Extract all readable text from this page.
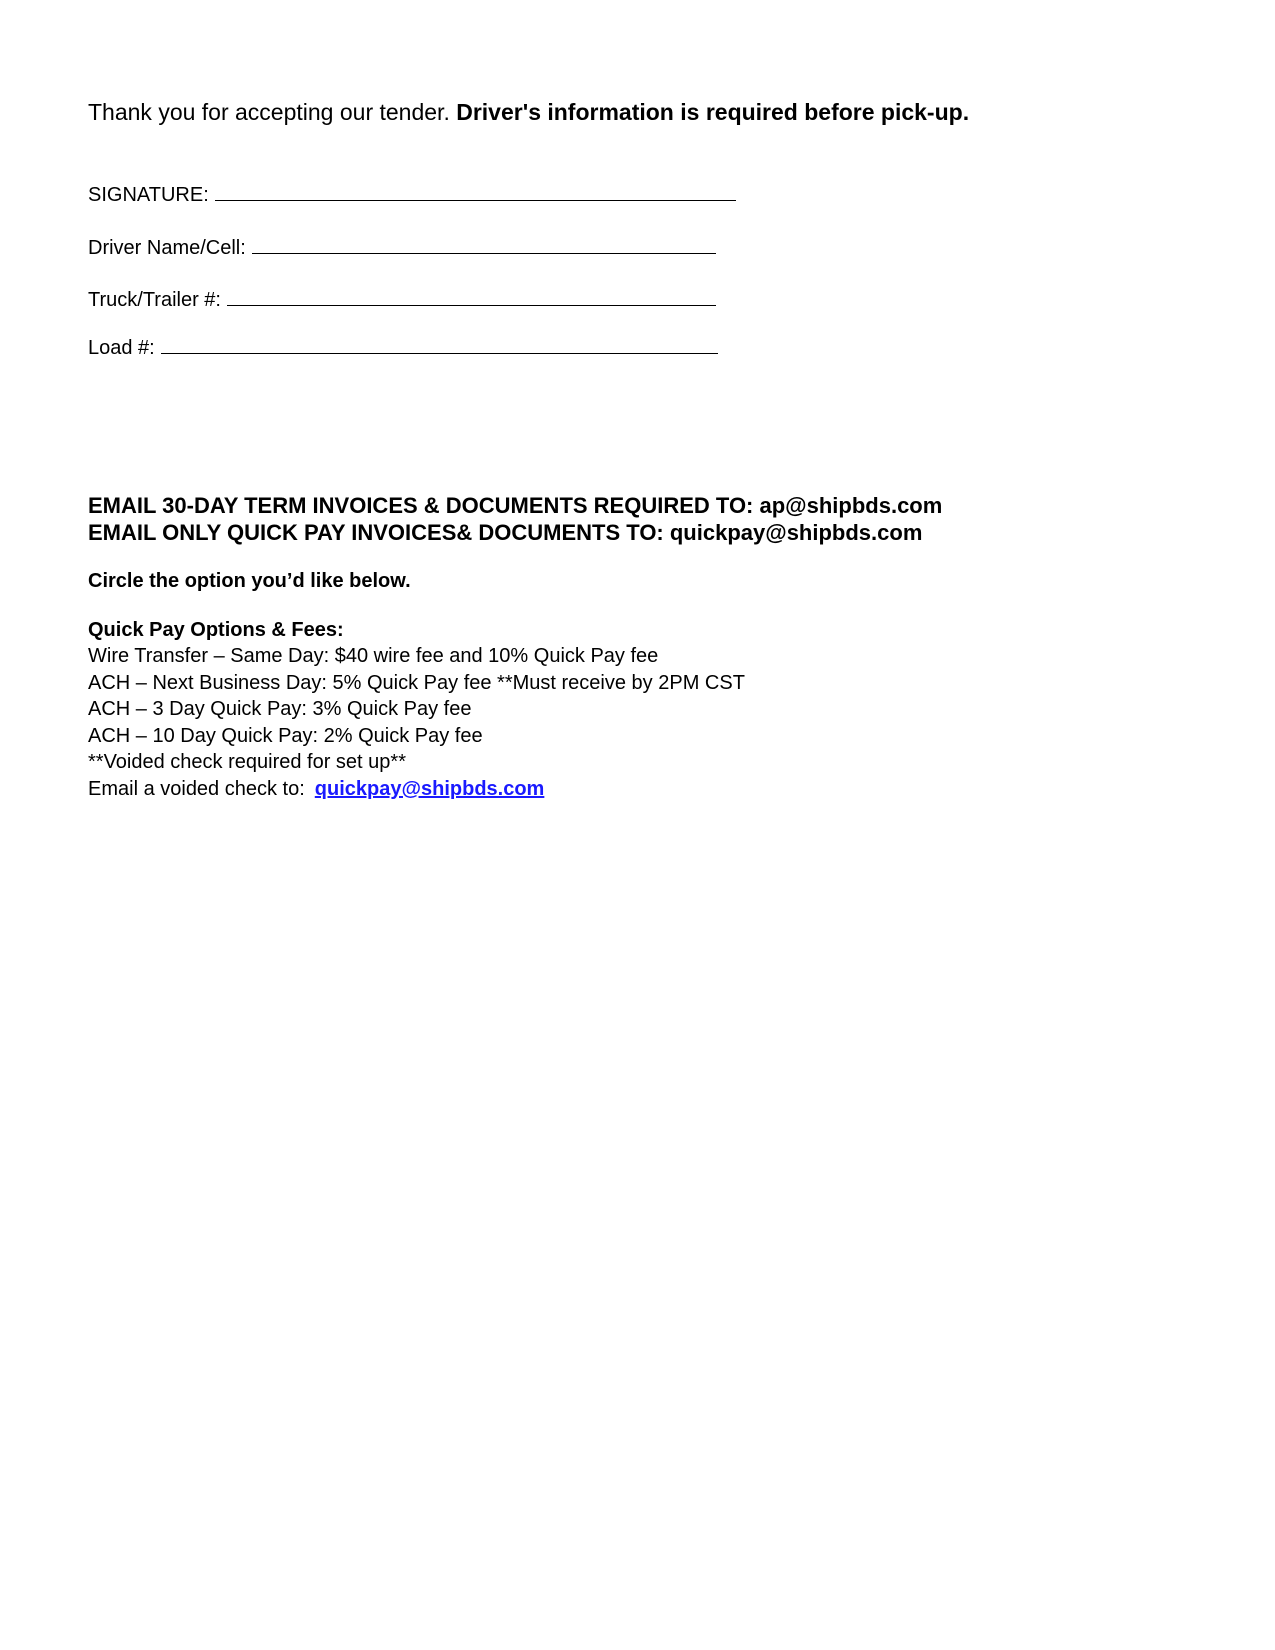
Thank you for accepting our tender. Driver's information is required before pick-up.
SIGNATURE:
Driver Name/Cell:
Truck/Trailer #:
Load #:
EMAIL 30-DAY TERM INVOICES & DOCUMENTS REQUIRED TO: ap@shipbds.com
EMAIL ONLY QUICK PAY INVOICES& DOCUMENTS TO: quickpay@shipbds.com
Circle the option you’d like below.
Quick Pay Options & Fees:
Wire Transfer – Same Day: $40 wire fee and 10% Quick Pay fee
ACH – Next Business Day: 5% Quick Pay fee **Must receive by 2PM CST
ACH – 3 Day Quick Pay: 3% Quick Pay fee
ACH – 10 Day Quick Pay: 2% Quick Pay fee
**Voided check required for set up**
Email a voided check to: quickpay@shipbds.com
